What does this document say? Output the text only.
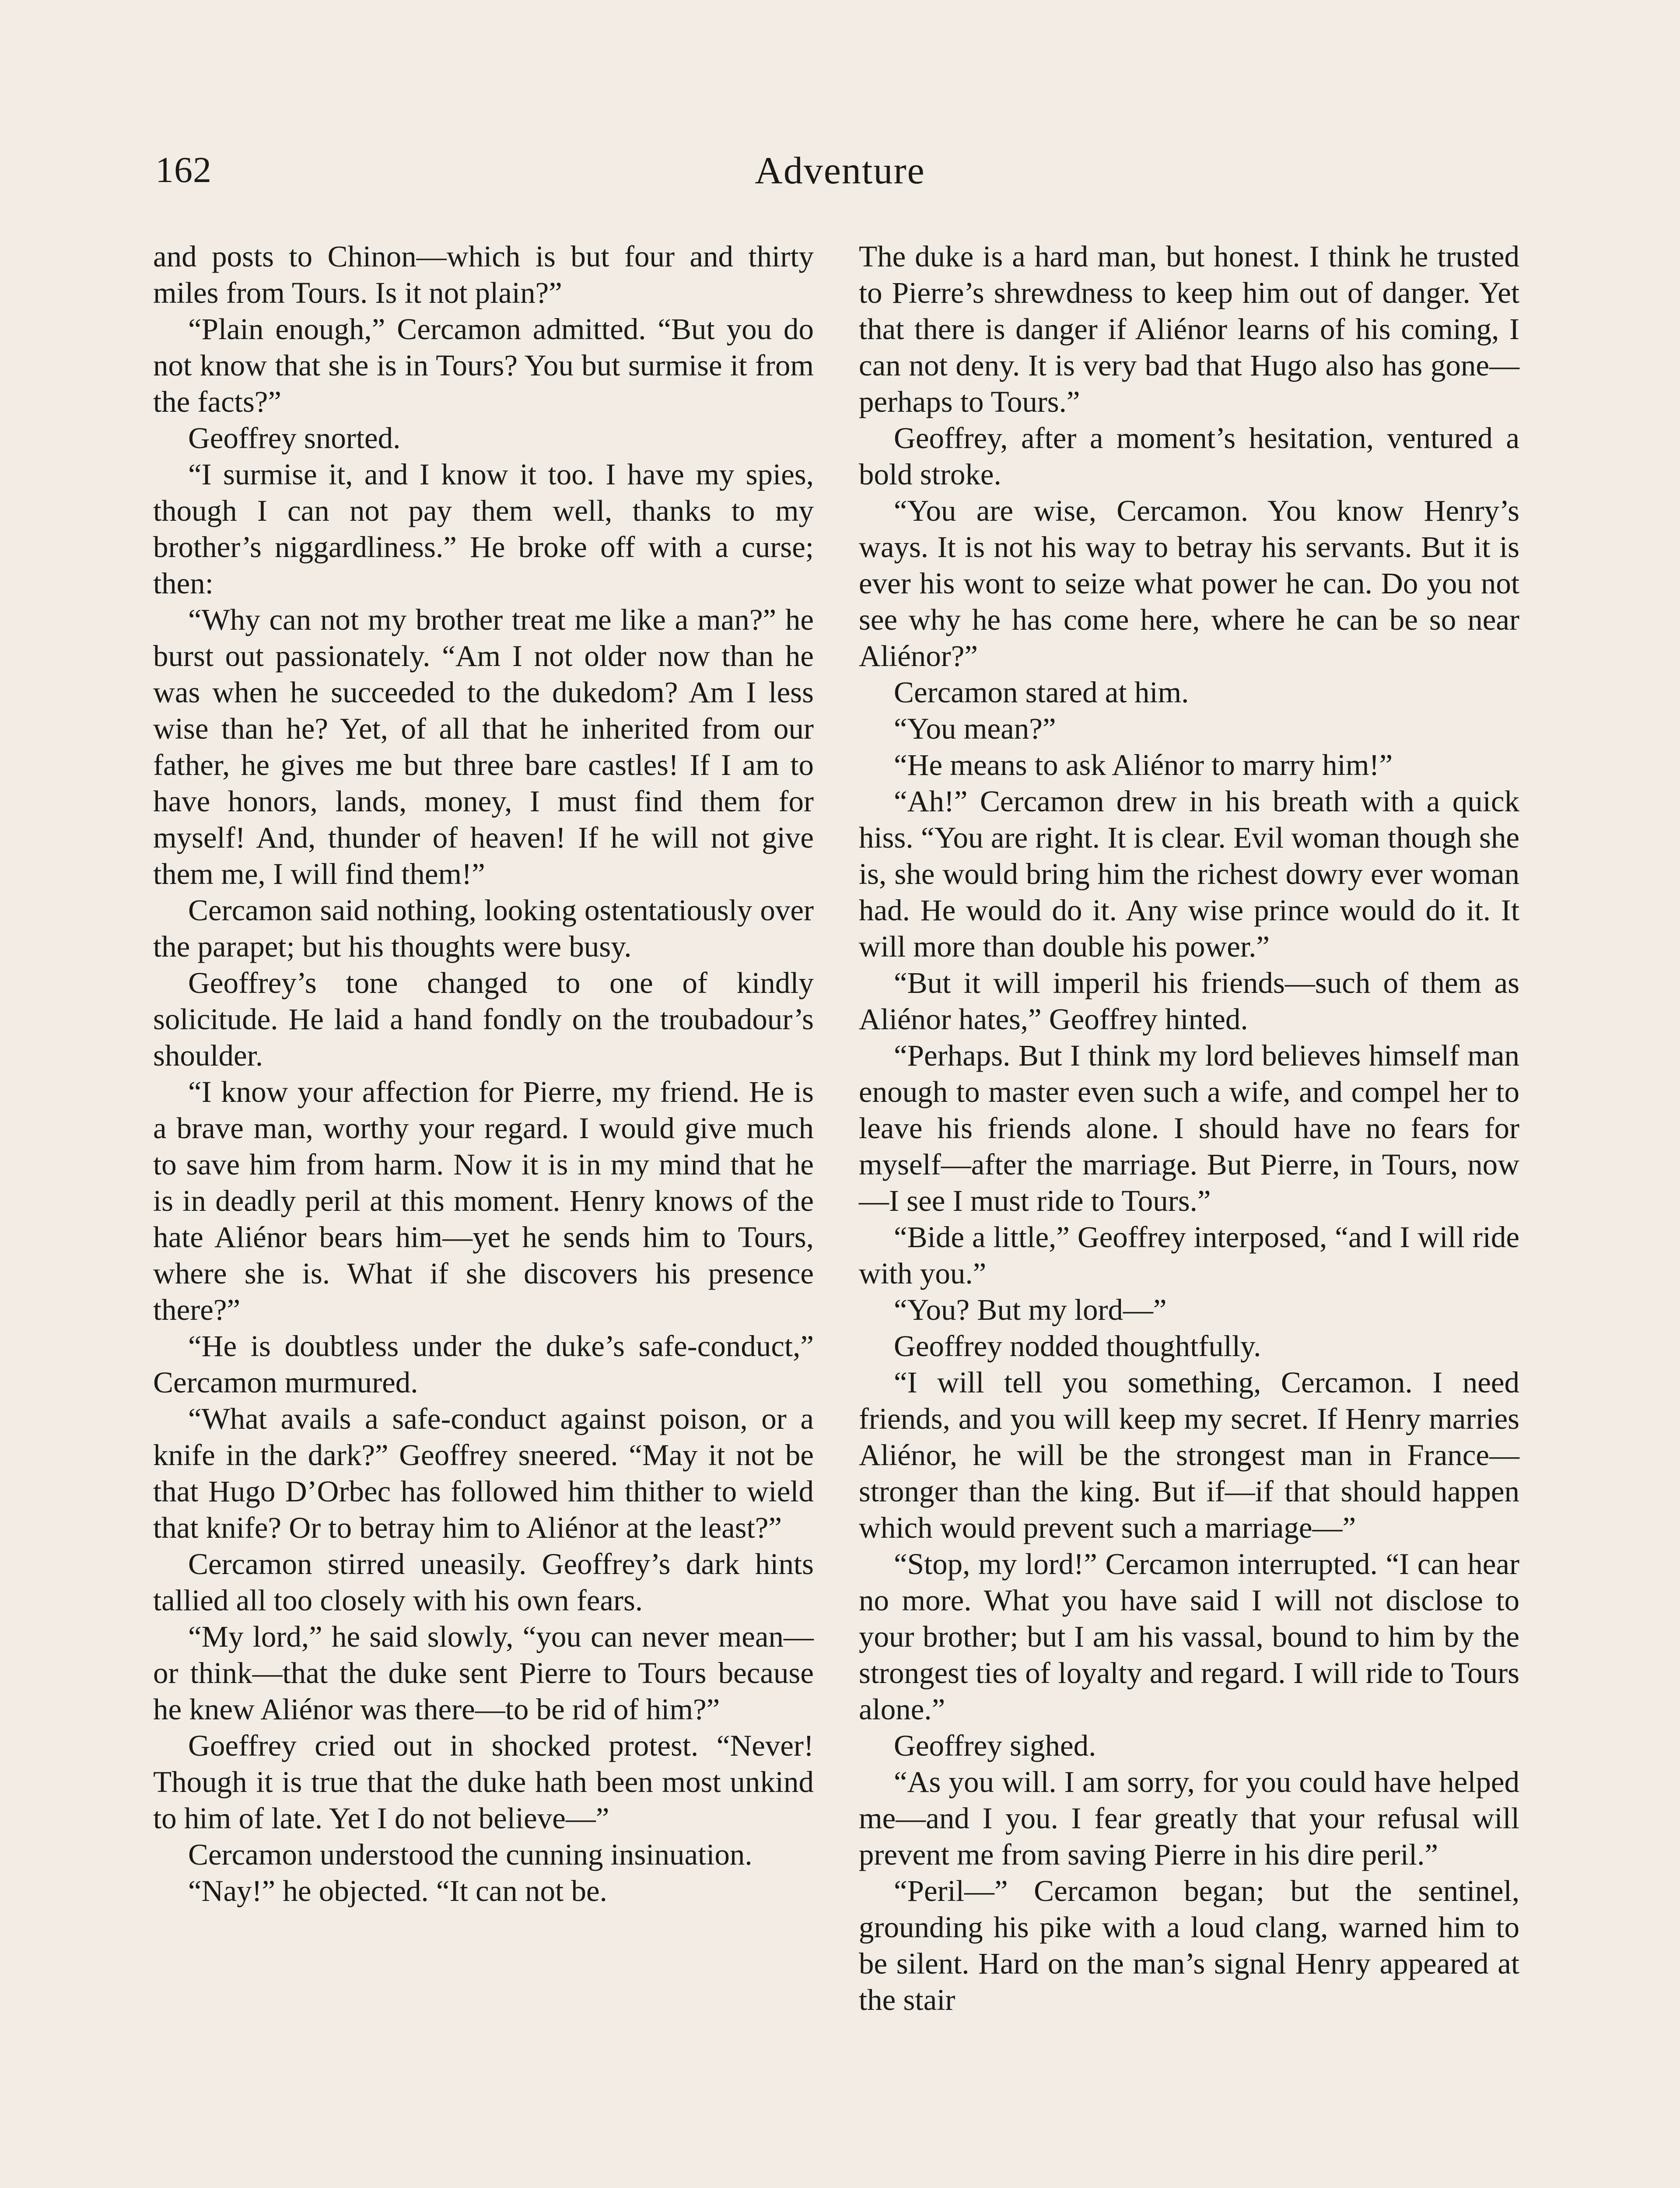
162	Adventure

and posts to Chinon—which is but four and thirty miles from Tours. Is it not plain?”

“Plain enough,” Cercamon admitted. “But you do not know that she is in Tours? You but surmise it from the facts?”

Geoffrey snorted.

“I surmise it, and I know it too. I have my spies, though I can not pay them well, thanks to my brother’s niggardliness.” He broke off with a curse; then:

“Why can not my brother treat me like a man?” he burst out passionately. “Am I not older now than he was when he succeeded to the dukedom? Am I less wise than he? Yet, of all that he inherited from our father, he gives me but three bare castles! If I am to have honors, lands, money, I must find them for myself! And, thunder of heaven! If he will not give them me, I will find them!”

Cercamon said nothing, looking ostentatiously over the parapet; but his thoughts were busy.

Geoffrey’s tone changed to one of kindly solicitude. He laid a hand fondly on the troubadour’s shoulder.

“I know your affection for Pierre, my friend. He is a brave man, worthy your regard. I would give much to save him from harm. Now it is in my mind that he is in deadly peril at this moment. Henry knows of the hate Aliénor bears him—yet he sends him to Tours, where she is. What if she discovers his presence there?”

“He is doubtless under the duke’s safe-conduct,” Cercamon murmured.

“What avails a safe-conduct against poison, or a knife in the dark?” Geoffrey sneered. “May it not be that Hugo D’Orbec has followed him thither to wield that knife? Or to betray him to Aliénor at the least?”

Cercamon stirred uneasily. Geoffrey’s dark hints tallied all too closely with his own fears.

“My lord,” he said slowly, “you can never mean—or think—that the duke sent Pierre to Tours because he knew Aliénor was there—to be rid of him?”

Goeffrey cried out in shocked protest. “Never! Though it is true that the duke hath been most unkind to him of late. Yet I do not believe—”

Cercamon understood the cunning insinuation.

“Nay!” he objected. “It can not be.

The duke is a hard man, but honest. I think he trusted to Pierre’s shrewdness to keep him out of danger. Yet that there is danger if Aliénor learns of his coming, I can not deny. It is very bad that Hugo also has gone—perhaps to Tours.”

Geoffrey, after a moment’s hesitation, ventured a bold stroke.

“You are wise, Cercamon. You know Henry’s ways. It is not his way to betray his servants. But it is ever his wont to seize what power he can. Do you not see why he has come here, where he can be so near Aliénor?”

Cercamon stared at him.

“You mean?”

“He means to ask Aliénor to marry him!”

“Ah!” Cercamon drew in his breath with a quick hiss. “You are right. It is clear. Evil woman though she is, she would bring him the richest dowry ever woman had. He would do it. Any wise prince would do it. It will more than double his power.”

“But it will imperil his friends—such of them as Aliénor hates,” Geoffrey hinted.

“Perhaps. But I think my lord believes himself man enough to master even such a wife, and compel her to leave his friends alone. I should have no fears for myself—after the marriage. But Pierre, in Tours, now—I see I must ride to Tours.”

“Bide a little,” Geoffrey interposed, “and I will ride with you.”

“You? But my lord—”

Geoffrey nodded thoughtfully.

“I will tell you something, Cercamon. I need friends, and you will keep my secret. If Henry marries Aliénor, he will be the strongest man in France—stronger than the king. But if—if that should happen which would prevent such a marriage—”

“Stop, my lord!” Cercamon interrupted. “I can hear no more. What you have said I will not disclose to your brother; but I am his vassal, bound to him by the strongest ties of loyalty and regard. I will ride to Tours alone.”

Geoffrey sighed.

“As you will. I am sorry, for you could have helped me—and I you. I fear greatly that your refusal will prevent me from saving Pierre in his dire peril.”

“Peril—” Cercamon began; but the sentinel, grounding his pike with a loud clang, warned him to be silent. Hard on the man’s signal Henry appeared at the stair
